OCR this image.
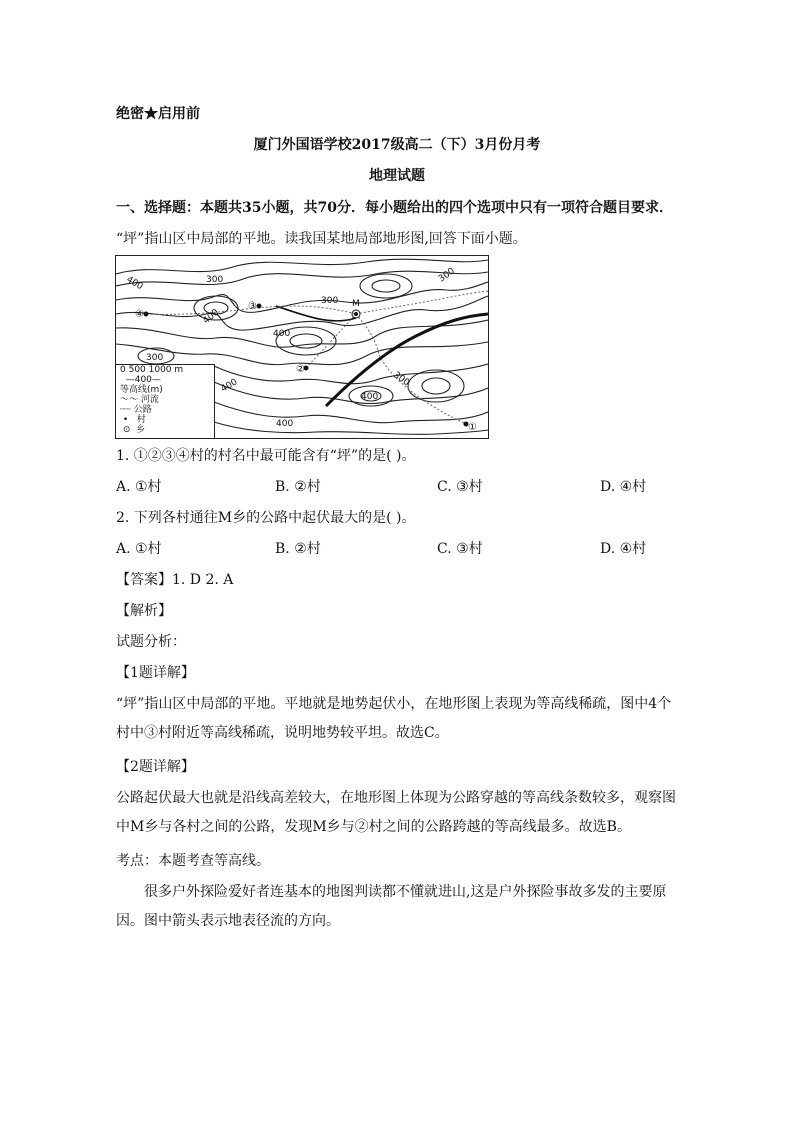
绝密★启用前
厦门外国语学校2017级高二（下）3月份月考
地理试题
一、选择题：本题共35小题，共70分．每小题给出的四个选项中只有一项符合题目要求．
“坪”指山区中局部的平地。读我国某地局部地形图,回答下面小题。
400	300	300
400
400
300
300
400
400
400
300
①
②
③
④
M
0 500 1000 m
—400—
等高线(m)
～～ 河流
┈┈ 公路
•   村
⊙  乡
1. ①②③④村的村名中最可能含有“坪”的是( )。
A. ①村	B. ②村	C. ③村	D. ④村
2. 下列各村通往M乡的公路中起伏最大的是( )。
A. ①村	B. ②村	C. ③村	D. ④村
【答案】1. D 2. A
【解析】
试题分析：
【1题详解】
“坪”指山区中局部的平地。平地就是地势起伏小，在地形图上表现为等高线稀疏，图中4个村中③村附近等高线稀疏，说明地势较平坦。故选C。
【2题详解】
公路起伏最大也就是沿线高差较大，在地形图上体现为公路穿越的等高线条数较多，观察图中M乡与各村之间的公路，发现M乡与②村之间的公路跨越的等高线最多。故选B。
考点：本题考查等高线。
很多户外探险爱好者连基本的地图判读都不懂就进山,这是户外探险事故多发的主要原因。图中箭头表示地表径流的方向。
